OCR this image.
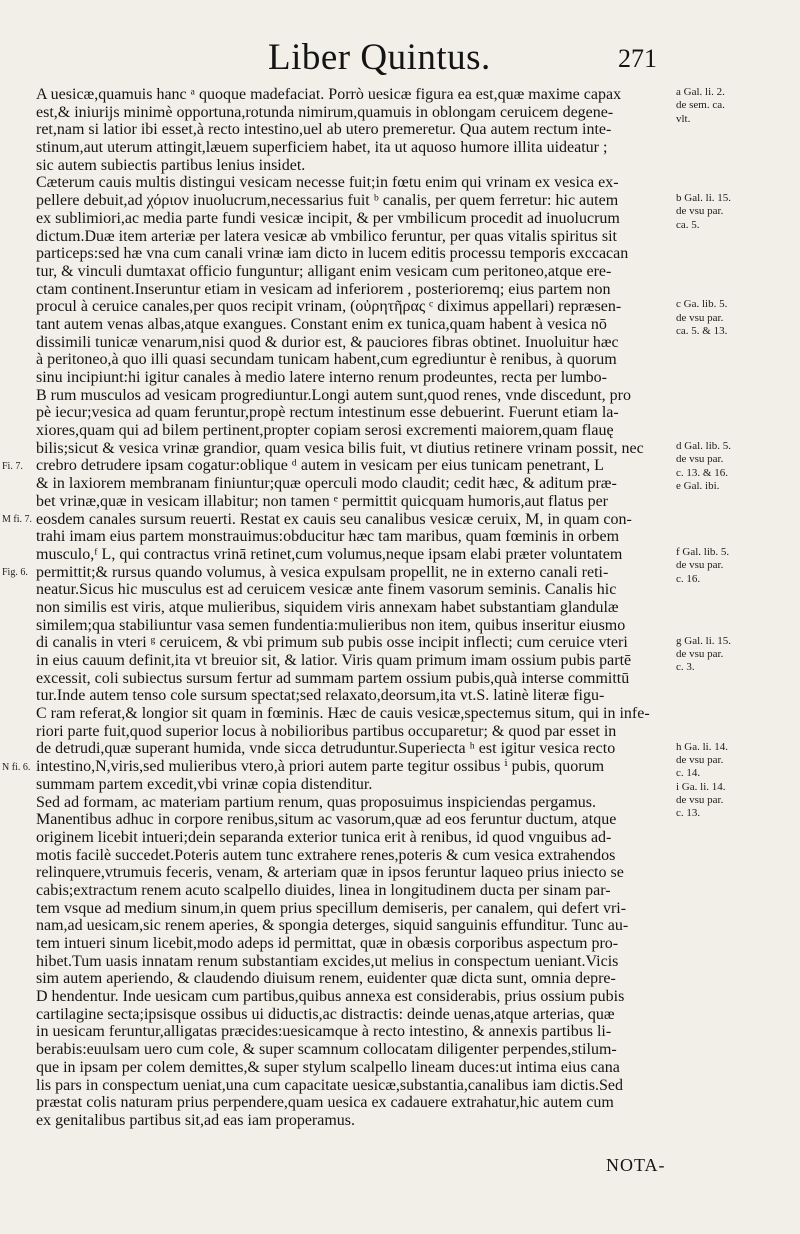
Liber Quintus.	271
A uesicæ,quamuis hanc ᵃ quoque madefaciat. Porrò uesicæ figura ea est,quæ maxime capax
est,& iniurijs minimè opportuna,rotunda nimirum,quamuis in oblongam ceruicem degene-
ret,nam si latior ibi esset,à recto intestino,uel ab utero premeretur. Qua autem rectum inte-
stinum,aut uterum attingit,læuem superficiem habet, ita ut aquoso humore illita uideatur ;
sic autem subiectis partibus lenius insidet.
Cæterum cauis multis distingui vesicam necesse fuit;in fœtu enim qui vrinam ex vesica ex-
pellere debuit,ad χόριον inuolucrum,necessarius fuit ᵇ canalis, per quem ferretur: hic autem
ex sublimiori,ac media parte fundi vesicæ incipit, & per vmbilicum procedit ad inuolucrum
dictum.Duæ item arteriæ per latera vesicæ ab vmbilico feruntur, per quas vitalis spiritus sit
particeps:sed hæ vna cum canali vrinæ iam dicto in lucem editis processu temporis exccacan
tur, & vinculi dumtaxat officio funguntur; alligant enim vesicam cum peritoneo,atque ere-
ctam continent.Inseruntur etiam in vesicam ad inferiorem , posterioremq; eius partem non
procul à ceruice canales,per quos recipit vrinam, (οὐρητῆρας ᶜ diximus appellari) repræsen-
tant autem venas albas,atque exangues. Constant enim ex tunica,quam habent à vesica nō
dissimili tunicæ venarum,nisi quod & durior est, & pauciores fibras obtinet. Inuoluitur hæc
à peritoneo,à quo illi quasi secundam tunicam habent,cum egrediuntur è renibus, à quorum
sinu incipiunt:hi igitur canales à medio latere interno renum prodeuntes, recta per lumbo-
B rum musculos ad vesicam progrediuntur.Longi autem sunt,quod renes, vnde discedunt, pro
pè iecur;vesica ad quam feruntur,propè rectum intestinum esse debuerint. Fuerunt etiam la-
xiores,quam qui ad bilem pertinent,propter copiam serosi excrementi maiorem,quam flauę
bilis;sicut & vesica vrinæ grandior, quam vesica bilis fuit, vt diutius retinere vrinam possit, nec
crebro detrudere ipsam cogatur:oblique ᵈ autem in vesicam per eius tunicam penetrant, L
& in laxiorem membranam finiuntur;quæ operculi modo claudit; cedit hæc, & aditum præ-
bet vrinæ,quæ in vesicam illabitur; non tamen ᵉ permittit quicquam humoris,aut flatus per
eosdem canales sursum reuerti. Restat ex cauis seu canalibus vesicæ ceruix, M, in quam con-
trahi imam eius partem monstrauimus:obducitur hæc tam maribus, quam fœminis in orbem
musculo,ᶠ L, qui contractus vrinā retinet,cum volumus,neque ipsam elabi præter voluntatem
permittit;& rursus quando volumus, à vesica expulsam propellit, ne in externo canali reti-
neatur.Sicus hic musculus est ad ceruicem vesicæ ante finem vasorum seminis. Canalis hic
non similis est viris, atque mulieribus, siquidem viris annexam habet substantiam glandulæ
similem;qua stabiliuntur vasa semen fundentia:mulieribus non item, quibus inseritur eiusmo
di canalis in vteri ᵍ ceruicem, & vbi primum sub pubis osse incipit inflecti; cum ceruice vteri
in eius cauum definit,ita vt breuior sit, & latior. Viris quam primum imam ossium pubis partē
excessit, coli subiectus sursum fertur ad summam partem ossium pubis,quà interse committū
tur.Inde autem tenso cole sursum spectat;sed relaxato,deorsum,ita vt.S. latinè literæ figu-
C ram referat,& longior sit quam in fœminis. Hæc de cauis vesicæ,spectemus situm, qui in infe-
riori parte fuit,quod superior locus à nobilioribus partibus occuparetur; & quod par esset in
de detrudi,quæ superant humida, vnde sicca detruduntur.Superiecta ʰ est igitur vesica recto
intestino,N,viris,sed mulieribus vtero,à priori autem parte tegitur ossibus ⁱ pubis, quorum
summam partem excedit,vbi vrinæ copia distenditur.
Sed ad formam, ac materiam partium renum, quas proposuimus inspiciendas pergamus.
Manentibus adhuc in corpore renibus,situm ac vasorum,quæ ad eos feruntur ductum, atque
originem licebit intueri;dein separanda exterior tunica erit à renibus, id quod vnguibus ad-
motis facilè succedet.Poteris autem tunc extrahere renes,poteris & cum vesica extrahendos
relinquere,vtrumuis feceris, venam, & arteriam quæ in ipsos feruntur laqueo prius iniecto se
cabis;extractum renem acuto scalpello diuides, linea in longitudinem ducta per sinam par-
tem vsque ad medium sinum,in quem prius specillum demiseris, per canalem, qui defert vri-
nam,ad uesicam,sic renem aperies, & spongia deterges, siquid sanguinis effunditur. Tunc au-
tem intueri sinum licebit,modo adeps id permittat, quæ in obæsis corporibus aspectum pro-
hibet.Tum uasis innatam renum substantiam excides,ut melius in conspectum ueniant.Vicis
sim autem aperiendo, & claudendo diuisum renem, euidenter quæ dicta sunt, omnia depre-
D hendentur. Inde uesicam cum partibus,quibus annexa est considerabis, prius ossium pubis
cartilagine secta;ipsisque ossibus ui diductis,ac distractis: deinde uenas,atque arterias, quæ
in uesicam feruntur,alligatas præcides:uesicamque à recto intestino, & annexis partibus li-
berabis:euulsam uero cum cole, & super scamnum collocatam diligenter perpendes,stilum-
que in ipsam per colem demittes,& super stylum scalpello lineam duces:ut intima eius cana
lis pars in conspectum ueniat,una cum capacitate uesicæ,substantia,canalibus iam dictis.Sed
præstat colis naturam prius perpendere,quam uesica ex cadauere extrahatur,hic autem cum
ex genitalibus partibus sit,ad eas iam properamus.
Fi. 7.
M fi. 7.
Fig. 6.
N fi. 6.
a Gal. li. 2.
de sem. ca.
vlt.
b Gal. li. 15.
de vsu par.
ca. 5.
c Ga. lib. 5.
de vsu par.
ca. 5. & 13.
d Gal. lib. 5.
de vsu par.
c. 13. & 16.
e Gal. ibi.
f Gal. lib. 5.
de vsu par.
c. 16.
g Gal. li. 15.
de vsu par.
c. 3.
h Ga. li. 14.
de vsu par.
c. 14.
i Ga. li. 14.
de vsu par.
c. 13.
NOTA-
